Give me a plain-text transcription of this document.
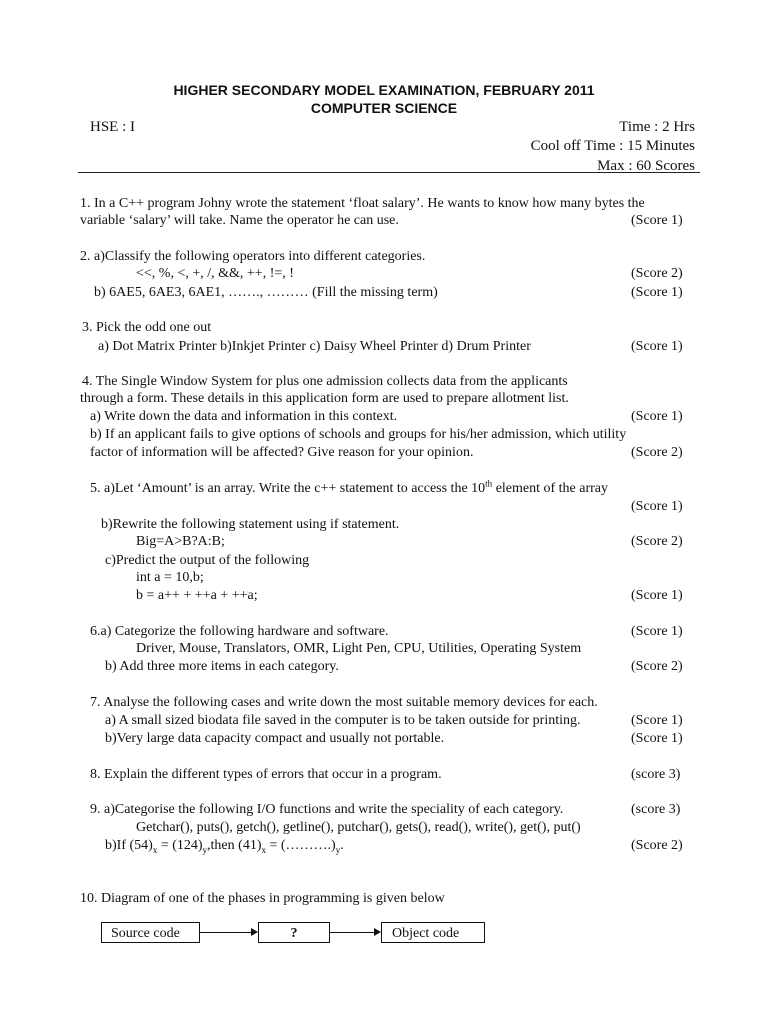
HIGHER SECONDARY MODEL EXAMINATION, FEBRUARY 2011
COMPUTER SCIENCE
HSE : I	Time : 2 Hrs
Cool off Time : 15 Minutes
Max : 60 Scores
1. In a C++ program Johny wrote the statement ‘float salary’. He wants to know how many bytes the
variable ‘salary’ will take. Name the operator he can use.	(Score 1)
2. a)Classify the following operators into different categories.
<<, %, <, +, /, &&, ++, !=, !	(Score 2)
b) 6AE5, 6AE3, 6AE1, ……., ……… (Fill the missing term)	(Score 1)
3. Pick the odd one out
a) Dot Matrix Printer b)Inkjet Printer c) Daisy Wheel Printer d) Drum Printer	(Score 1)
4. The Single Window System for plus one admission collects data from the applicants
through a form. These details in this application form are used to prepare allotment list.
a) Write down the data and information in this context.	(Score 1)
b) If an applicant fails to give options of schools and groups for his/her admission, which utility
factor of information will be affected? Give reason for your opinion.	(Score 2)
5. a)Let ‘Amount’ is an array. Write the c++ statement to access the 10th element of the array
(Score 1)
b)Rewrite the following statement using if statement.
Big=A>B?A:B;	(Score 2)
c)Predict the output of the following
int a = 10,b;
b = a++ + ++a + ++a;	(Score 1)
6.a) Categorize the following hardware and software.	(Score 1)
Driver, Mouse, Translators, OMR, Light Pen, CPU, Utilities, Operating System
b) Add three more items in each category.	(Score 2)
7. Analyse the following cases and write down the most suitable memory devices for each.
a) A small sized biodata file saved in the computer is to be taken outside for printing.	(Score 1)
b)Very large data capacity compact and usually not portable.	(Score 1)
8. Explain the different types of errors that occur in a program.	(score 3)
9. a)Categorise the following I/O functions and write the speciality of each category.	(score 3)
Getchar(), puts(), getch(), getline(), putchar(), gets(), read(), write(), get(), put()
b)If $(54)_x$ = $(124)_y,then$ $(41)_x$ = $(\dots\dots\dots.)_y$.	(Score 2)
10. Diagram of one of the phases in programming is given below
Source code	?	Object code
